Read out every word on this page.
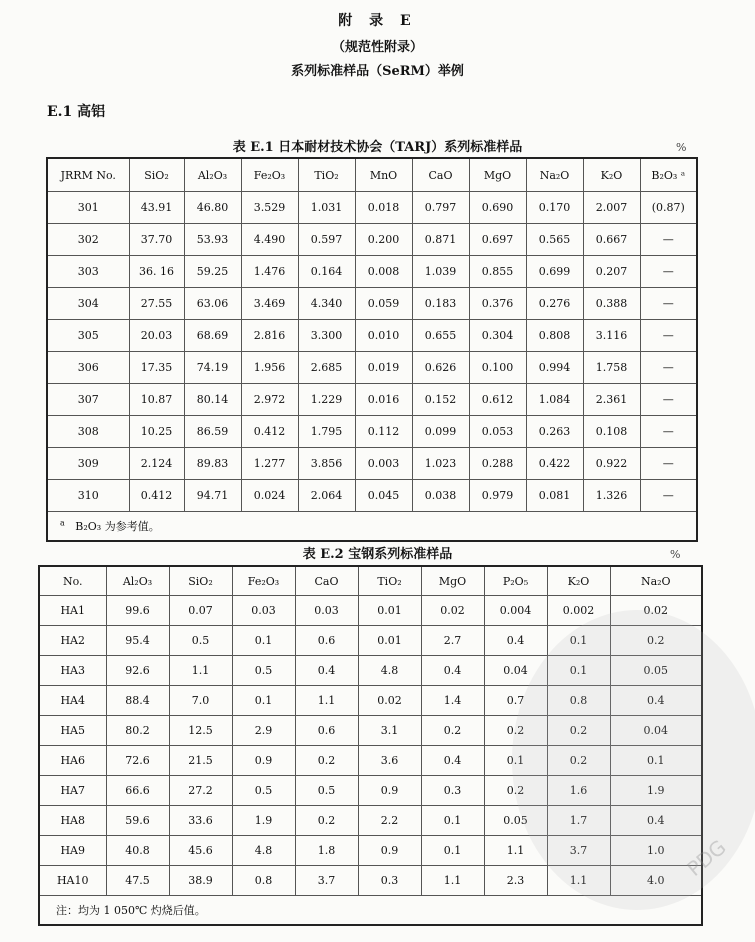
附 录 E
（规范性附录）
系列标准样品（SeRM）举例
E.1 高铝
表 E.1 日本耐材技术协会（TARJ）系列标准样品	%
JRRM No.	SiO₂	Al₂O₃	Fe₂O₃	TiO₂	MnO	CaO	MgO	Na₂O	K₂O	B₂O₃ ᵃ
301	43.91	46.80	3.529	1.031	0.018	0.797	0.690	0.170	2.007	(0.87)
302	37.70	53.93	4.490	0.597	0.200	0.871	0.697	0.565	0.667	—
303	36. 16	59.25	1.476	0.164	0.008	1.039	0.855	0.699	0.207	—
304	27.55	63.06	3.469	4.340	0.059	0.183	0.376	0.276	0.388	—
305	20.03	68.69	2.816	3.300	0.010	0.655	0.304	0.808	3.116	—
306	17.35	74.19	1.956	2.685	0.019	0.626	0.100	0.994	1.758	—
307	10.87	80.14	2.972	1.229	0.016	0.152	0.612	1.084	2.361	—
308	10.25	86.59	0.412	1.795	0.112	0.099	0.053	0.263	0.108	—
309	2.124	89.83	1.277	3.856	0.003	1.023	0.288	0.422	0.922	—
310	0.412	94.71	0.024	2.064	0.045	0.038	0.979	0.081	1.326	—
$^a$ B₂O₃ 为参考值。										
表 E.2 宝钢系列标准样品	%
No.	Al₂O₃	SiO₂	Fe₂O₃	CaO	TiO₂	MgO	P₂O₅	K₂O	Na₂O
HA1	99.6	0.07	0.03	0.03	0.01	0.02	0.004	0.002	0.02
HA2	95.4	0.5	0.1	0.6	0.01	2.7	0.4	0.1	0.2
HA3	92.6	1.1	0.5	0.4	4.8	0.4	0.04	0.1	0.05
HA4	88.4	7.0	0.1	1.1	0.02	1.4	0.7	0.8	0.4
HA5	80.2	12.5	2.9	0.6	3.1	0.2	0.2	0.2	0.04
HA6	72.6	21.5	0.9	0.2	3.6	0.4	0.1	0.2	0.1
HA7	66.6	27.2	0.5	0.5	0.9	0.3	0.2	1.6	1.9
HA8	59.6	33.6	1.9	0.2	2.2	0.1	0.05	1.7	0.4
HA9	40.8	45.6	4.8	1.8	0.9	0.1	1.1	3.7	1.0
HA10	47.5	38.9	0.8	3.7	0.3	1.1	2.3	1.1	4.0
注：均为 1 050℃ 灼烧后值。									
PDG
